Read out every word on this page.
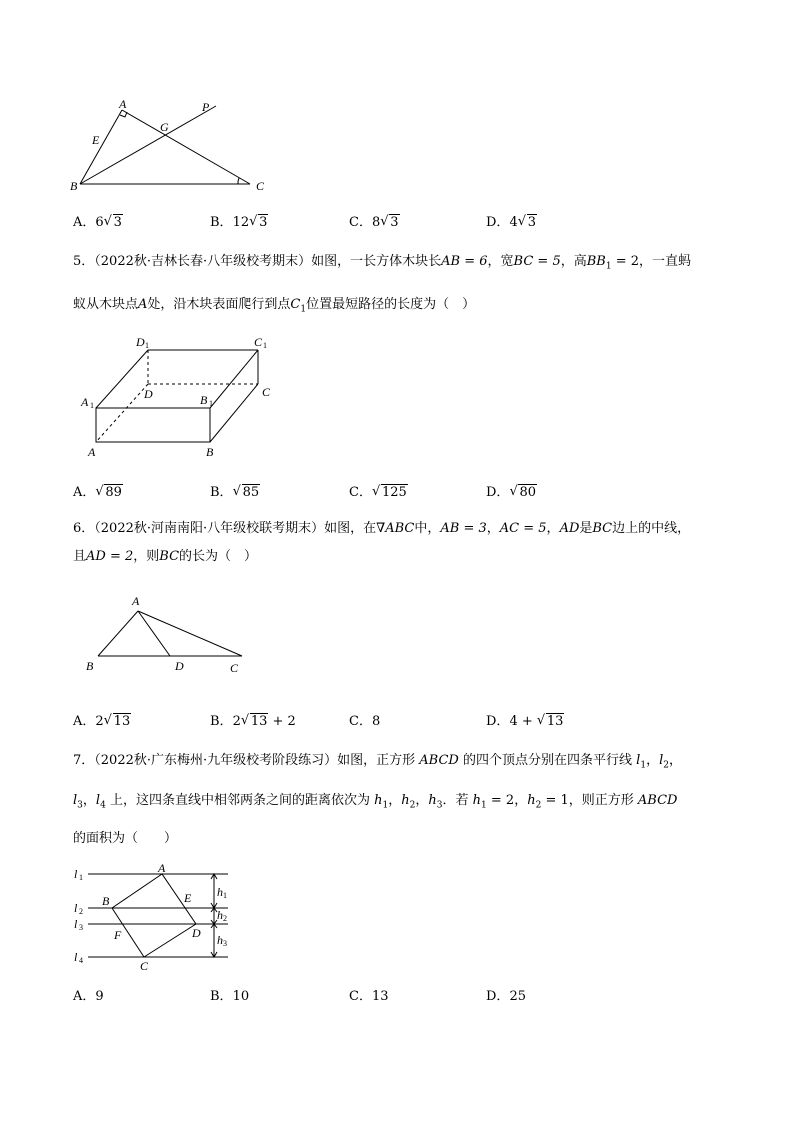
A	P
E
G
B	C
A．6 √ 3	B．12 √ 3	C．8 √ 3	D．4 √ 3
5．（2022秋·吉林长春·八年级校考期末）如图，一长方体木块长AB = 6，宽BC = 5，高$BB_1 = 2$，一直蚂
蚁从木块点A处，沿木块表面爬行到点$C_1$位置最短路径的长度为（　）
D 1	C 1
A 1
D	B 1
C
A	B
A． √ 89	B． √ 85	C． √ 125	D． √ 80
6．（2022秋·河南南阳·八年级校联考期末）如图，在∇ABC中，AB = 3，AC = 5，AD是BC边上的中线，
且AD = 2，则BC的长为（　）
A
B	D	C
A．2 √ 13	B．2 √ 13 + 2	C．8	D．4 + √ 13
7．（2022秋·广东梅州·九年级校考阶段练习）如图，正方形 ABCD 的四个顶点分别在四条平行线 $l_1$，$l_2$，
$l_3$，$l_4$ 上，这四条直线中相邻两条之间的距离依次为 $h_1$，$h_2$，$h_3$．若 $h_1 = 2$，$h_2 = 1$，则正方形 ABCD
的面积为（　　）
l 1
l 2
l 3
l 4
A
B	E
F	D
C
h 1
h 2
h 3
A．9	B．10	C．13	D．25
